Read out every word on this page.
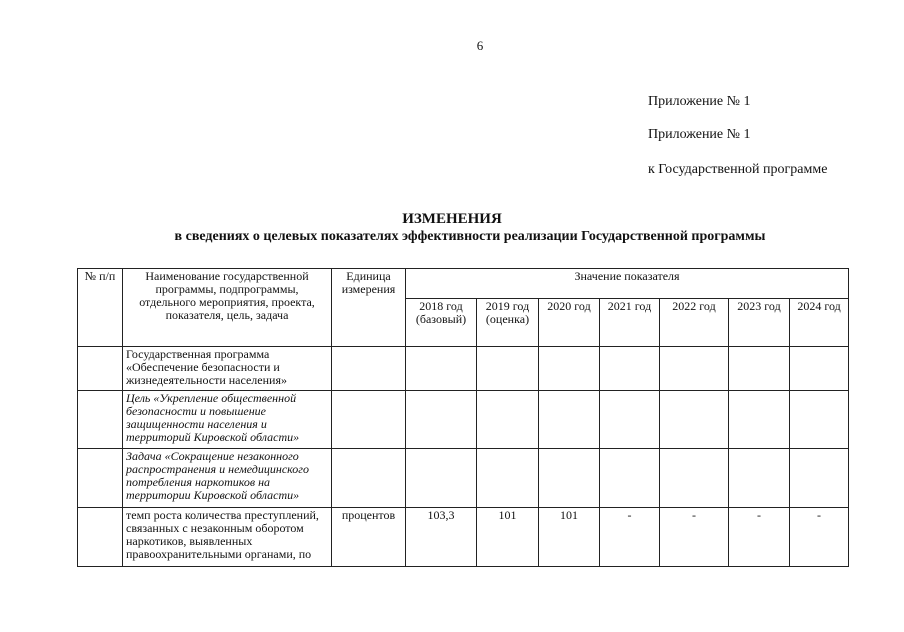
6
Приложение № 1
Приложение № 1
к Государственной программе
ИЗМЕНЕНИЯ
в сведениях о целевых показателях эффективности реализации Государственной программы
№ п/п	Наименование государственной программы, подпрограммы, отдельного мероприятия, проекта, показателя, цель, задача	Единица измерения	Значение показателя						
			2018 год (базовый)	2019 год (оценка)	2020 год	2021 год	2022 год	2023 год	2024 год
	Государственная программа «Обеспечение безопасности и жизнедеятельности населения»								
	Цель «Укрепление общественной безопасности и повышение защищенности населения и территорий Кировской области»								
	Задача «Сокращение незаконного распространения и немедицинского потребления наркотиков на территории Кировской области»								
	темп роста количества преступлений, связанных с незаконным оборотом наркотиков, выявленных правоохранительными органами, по	процентов	103,3	101	101	-	-	-	-
